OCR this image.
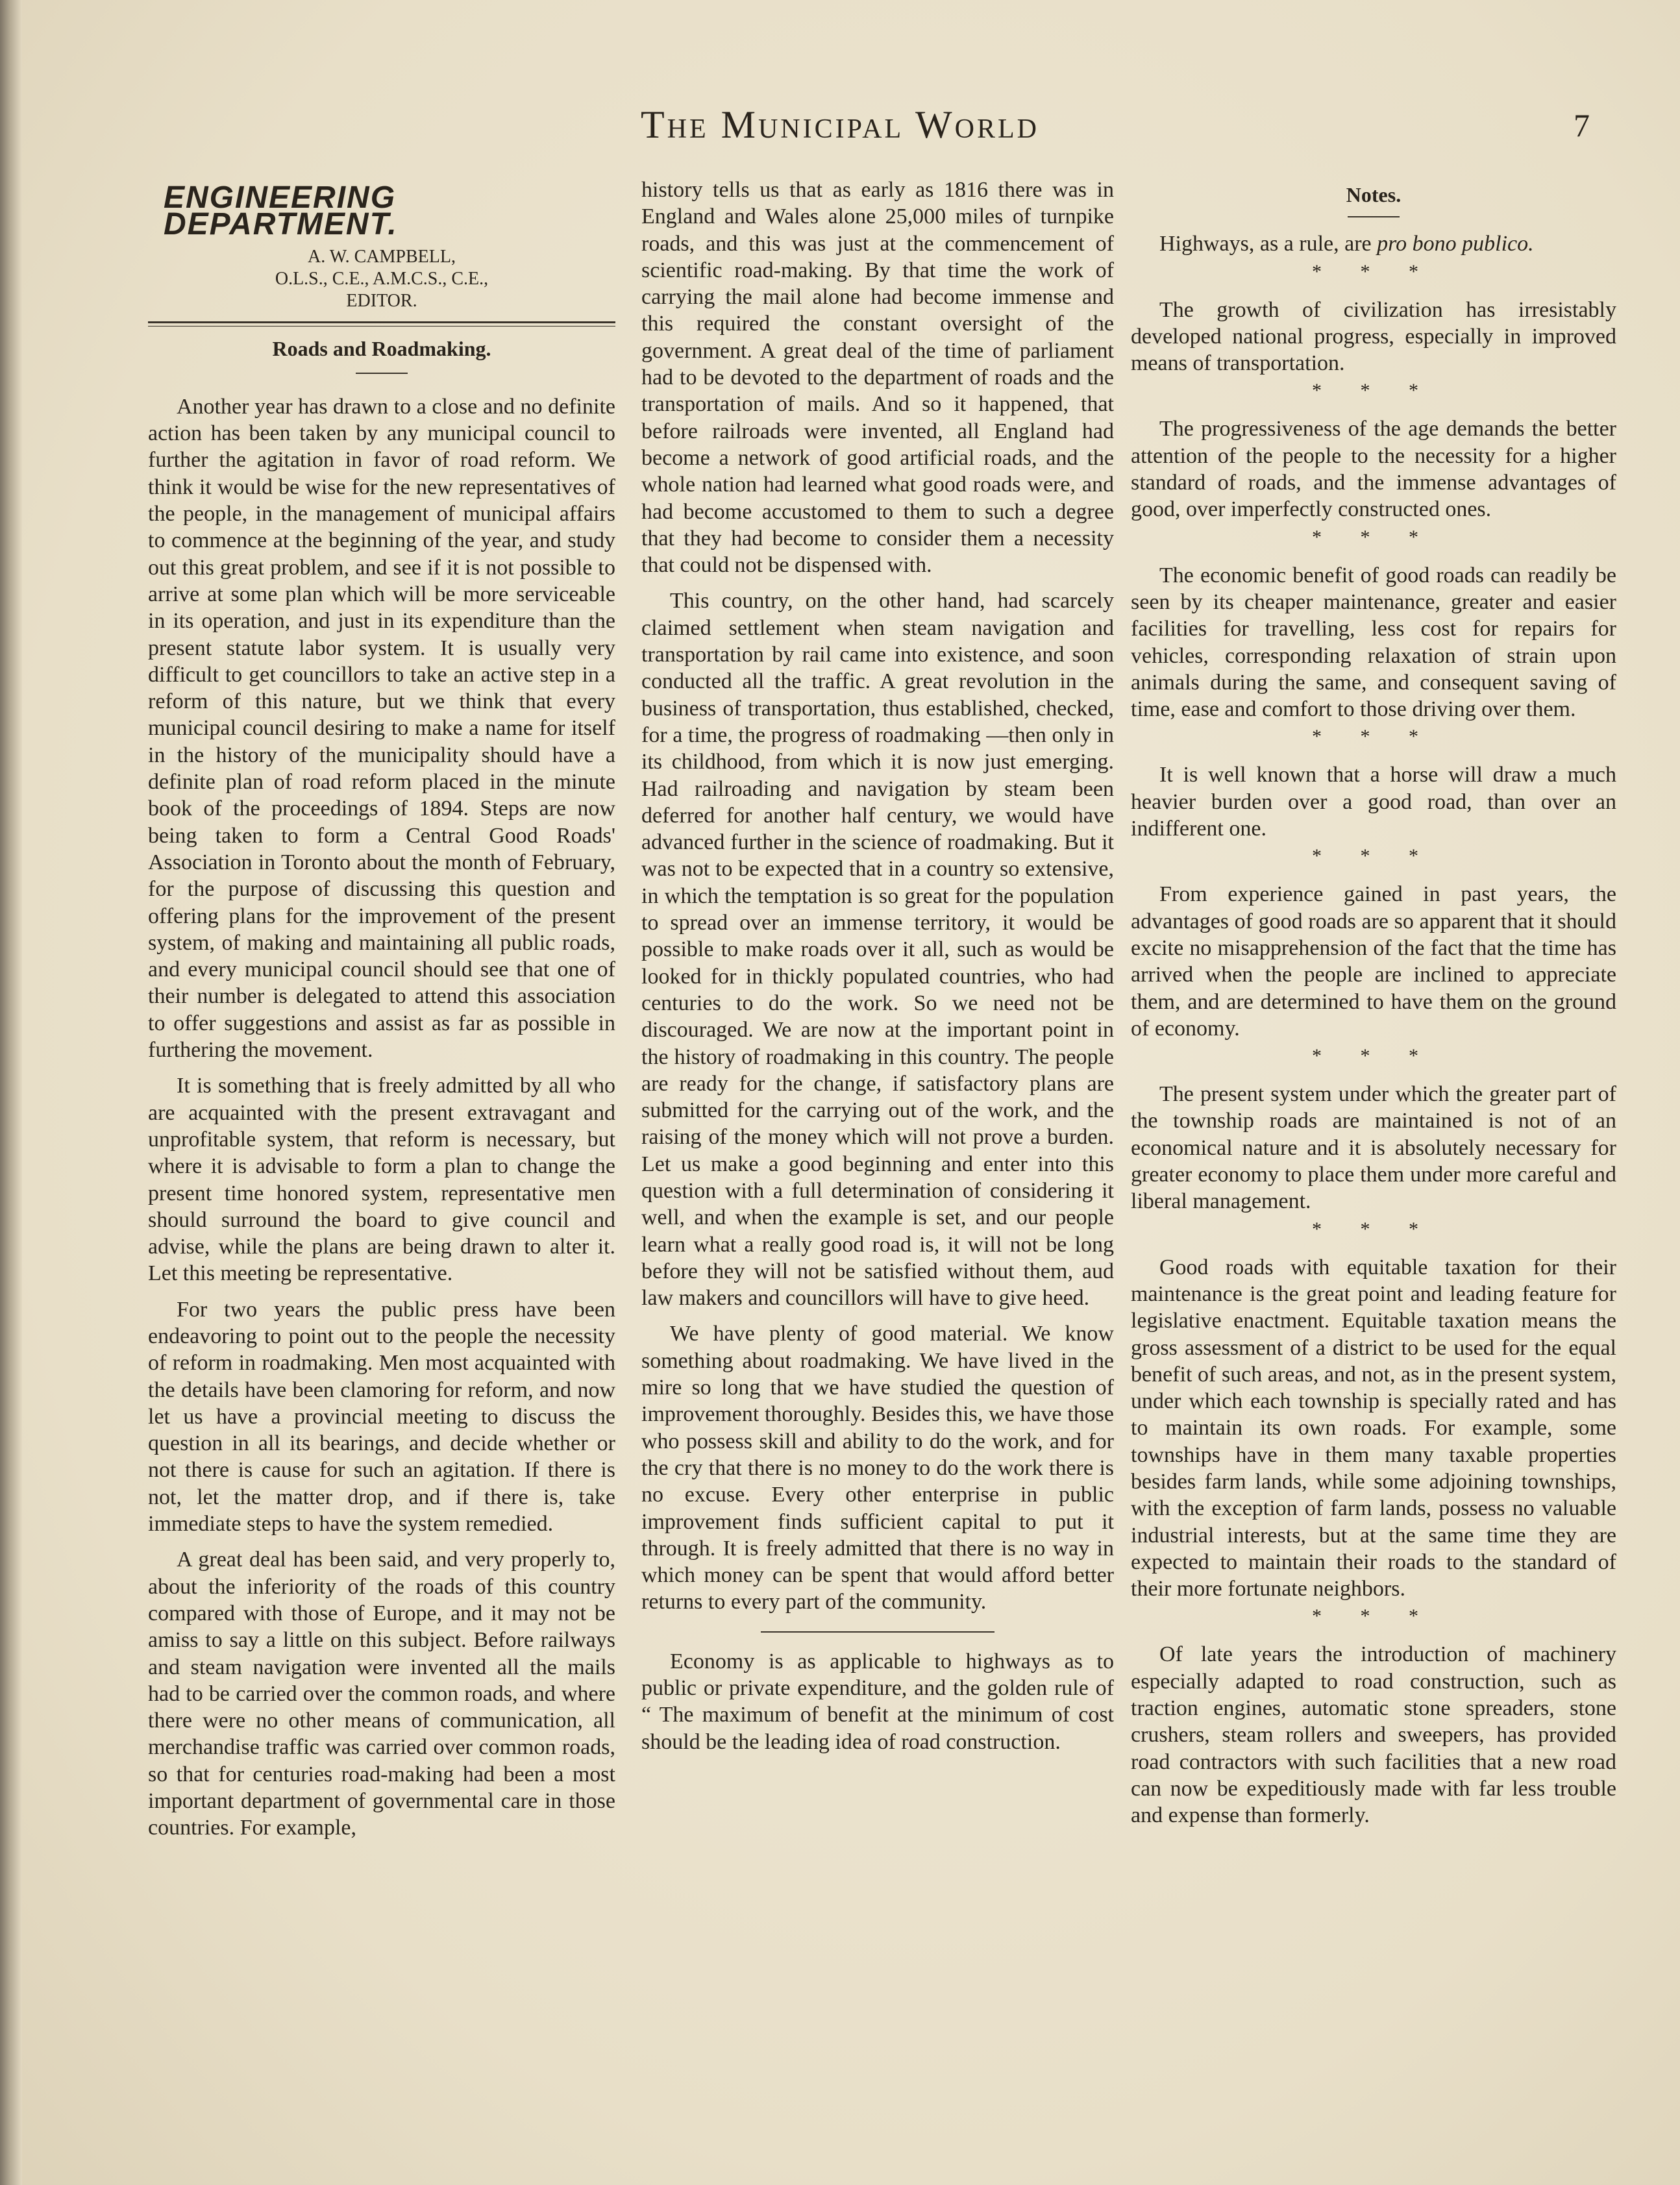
The Municipal World	7
ENGINEERING DEPARTMENT.
A. W. CAMPBELL,
O.L.S., C.E., A.M.C.S., C.E.,
EDITOR.
Roads and Roadmaking.

Another year has drawn to a close and no definite action has been taken by any municipal council to further the agitation in favor of road reform. We think it would be wise for the new representatives of the people, in the management of municipal affairs to commence at the beginning of the year, and study out this great problem, and see if it is not possible to arrive at some plan which will be more serviceable in its operation, and just in its expenditure than the present statute labor system. It is usually very difficult to get councillors to take an active step in a reform of this nature, but we think that every municipal council desiring to make a name for itself in the history of the municipality should have a definite plan of road reform placed in the minute book of the proceedings of 1894. Steps are now being taken to form a Central Good Roads' Association in Toronto about the month of February, for the purpose of discussing this question and offering plans for the improvement of the present system, of making and maintaining all public roads, and every municipal council should see that one of their number is delegated to attend this association to offer suggestions and assist as far as possible in furthering the movement.

It is something that is freely admitted by all who are acquainted with the present extravagant and unprofitable system, that reform is necessary, but where it is advisable to form a plan to change the present time honored system, representative men should surround the board to give council and advise, while the plans are being drawn to alter it. Let this meeting be representative.

For two years the public press have been endeavoring to point out to the people the necessity of reform in roadmaking. Men most acquainted with the details have been clamoring for reform, and now let us have a provincial meeting to discuss the question in all its bearings, and decide whether or not there is cause for such an agitation. If there is not, let the matter drop, and if there is, take immediate steps to have the system remedied.

A great deal has been said, and very properly to, about the inferiority of the roads of this country compared with those of Europe, and it may not be amiss to say a little on this subject. Before railways and steam navigation were invented all the mails had to be carried over the common roads, and where there were no other means of communication, all merchandise traffic was carried over common roads, so that for centuries road-making had been a most important department of governmental care in those countries. For example,

history tells us that as early as 1816 there was in England and Wales alone 25,000 miles of turnpike roads, and this was just at the commencement of scientific road-making. By that time the work of carrying the mail alone had become immense and this required the constant oversight of the government. A great deal of the time of parliament had to be devoted to the department of roads and the transportation of mails. And so it happened, that before railroads were invented, all England had become a network of good artificial roads, and the whole nation had learned what good roads were, and had become accustomed to them to such a degree that they had become to consider them a necessity that could not be dispensed with.

This country, on the other hand, had scarcely claimed settlement when steam navigation and transportation by rail came into existence, and soon conducted all the traffic. A great revolution in the business of transportation, thus established, checked, for a time, the progress of roadmaking —then only in its childhood, from which it is now just emerging. Had railroading and navigation by steam been deferred for another half century, we would have advanced further in the science of roadmaking. But it was not to be expected that in a country so extensive, in which the temptation is so great for the population to spread over an immense territory, it would be possible to make roads over it all, such as would be looked for in thickly populated countries, who had centuries to do the work. So we need not be discouraged. We are now at the important point in the history of roadmaking in this country. The people are ready for the change, if satisfactory plans are submitted for the carrying out of the work, and the raising of the money which will not prove a burden. Let us make a good beginning and enter into this question with a full determination of considering it well, and when the example is set, and our people learn what a really good road is, it will not be long before they will not be satisfied without them, aud law makers and councillors will have to give heed.

We have plenty of good material. We know something about roadmaking. We have lived in the mire so long that we have studied the question of improvement thoroughly. Besides this, we have those who possess skill and ability to do the work, and for the cry that there is no money to do the work there is no excuse. Every other enterprise in public improvement finds sufficient capital to put it through. It is freely admitted that there is no way in which money can be spent that would afford better returns to every part of the community.

Economy is as applicable to highways as to public or private expenditure, and the golden rule of “ The maximum of benefit at the minimum of cost should be the leading idea of road construction.

Notes.

Highways, as a rule, are pro bono publico.

* * *

The growth of civilization has irresistably developed national progress, especially in improved means of transportation.

* * *

The progressiveness of the age demands the better attention of the people to the necessity for a higher standard of roads, and the immense advantages of good, over imperfectly constructed ones.

* * *

The economic benefit of good roads can readily be seen by its cheaper maintenance, greater and easier facilities for travelling, less cost for repairs for vehicles, corresponding relaxation of strain upon animals during the same, and consequent saving of time, ease and comfort to those driving over them.

* * *

It is well known that a horse will draw a much heavier burden over a good road, than over an indifferent one.

* * *

From experience gained in past years, the advantages of good roads are so apparent that it should excite no misapprehension of the fact that the time has arrived when the people are inclined to appreciate them, and are determined to have them on the ground of economy.

* * *

The present system under which the greater part of the township roads are maintained is not of an economical nature and it is absolutely necessary for greater economy to place them under more careful and liberal management.

* * *

Good roads with equitable taxation for their maintenance is the great point and leading feature for legislative enactment. Equitable taxation means the gross assessment of a district to be used for the equal benefit of such areas, and not, as in the present system, under which each township is specially rated and has to maintain its own roads. For example, some townships have in them many taxable properties besides farm lands, while some adjoining townships, with the exception of farm lands, possess no valuable industrial interests, but at the same time they are expected to maintain their roads to the standard of their more fortunate neighbors.

* * *

Of late years the introduction of machinery especially adapted to road construction, such as traction engines, automatic stone spreaders, stone crushers, steam rollers and sweepers, has provided road contractors with such facilities that a new road can now be expeditiously made with far less trouble and expense than formerly.
